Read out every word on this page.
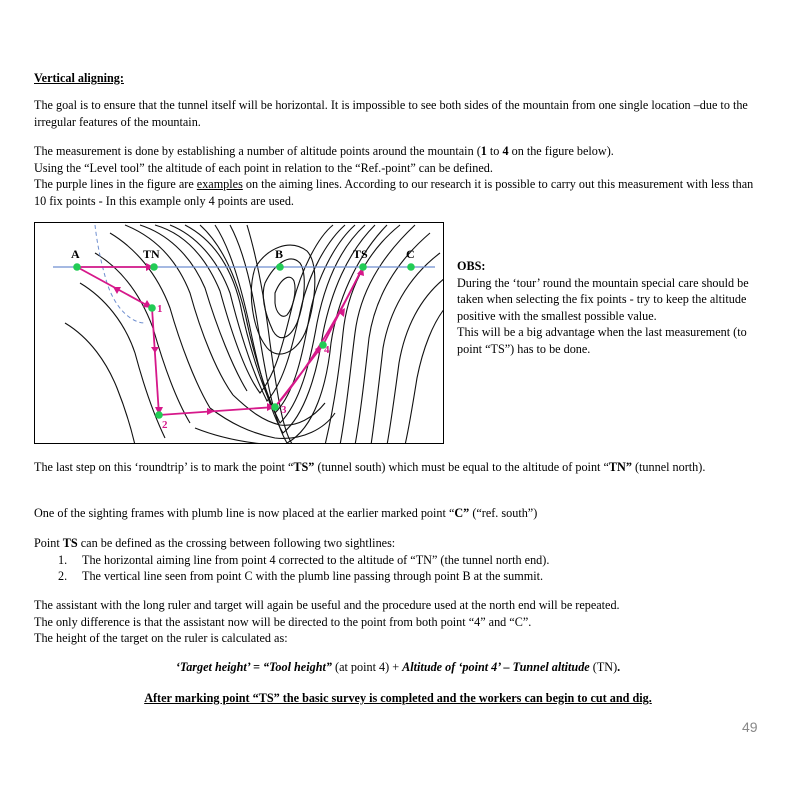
Vertical aligning:

The goal is to ensure that the tunnel itself will be horizontal. It is impossible to see both sides of the mountain from one single location –due to the irregular features of the mountain.

The measurement is done by establishing a number of altitude points around the mountain (1 to 4 on the figure below).

Using the “Level tool” the altitude of each point in relation to the “Ref.-point” can be defined.

The purple lines in the figure are examples on the aiming lines. According to our research it is possible to carry out this measurement with less than 10 fix points - In this example only 4 points are used.

A	TN	B	TS	C
1
2
3
4

OBS:

During the ‘tour’ round the mountain special care should be taken when selecting the fix points - try to keep the altitude positive with the smallest possible value.

This will be a big advantage when the last measurement (to point “TS”) has to be done.

The last step on this ‘roundtrip’ is to mark the point “TS” (tunnel south) which must be equal to the altitude of point “TN” (tunnel north).

One of the sighting frames with plumb line is now placed at the earlier marked point “C” (“ref. south”)

Point TS can be defined as the crossing between following two sightlines:

1. The horizontal aiming line from point 4 corrected to the altitude of “TN” (the tunnel north end).
2. The vertical line seen from point C with the plumb line passing through point B at the summit.

The assistant with the long ruler and target will again be useful and the procedure used at the north end will be repeated.

The only difference is that the assistant now will be directed to the point from both point “4” and “C”.

The height of the target on the ruler is calculated as:

‘Target height’ = “Tool height” (at point 4) + Altitude of ‘point 4’ – Tunnel altitude (TN).

After marking point “TS” the basic survey is completed and the workers can begin to cut and dig.

49
